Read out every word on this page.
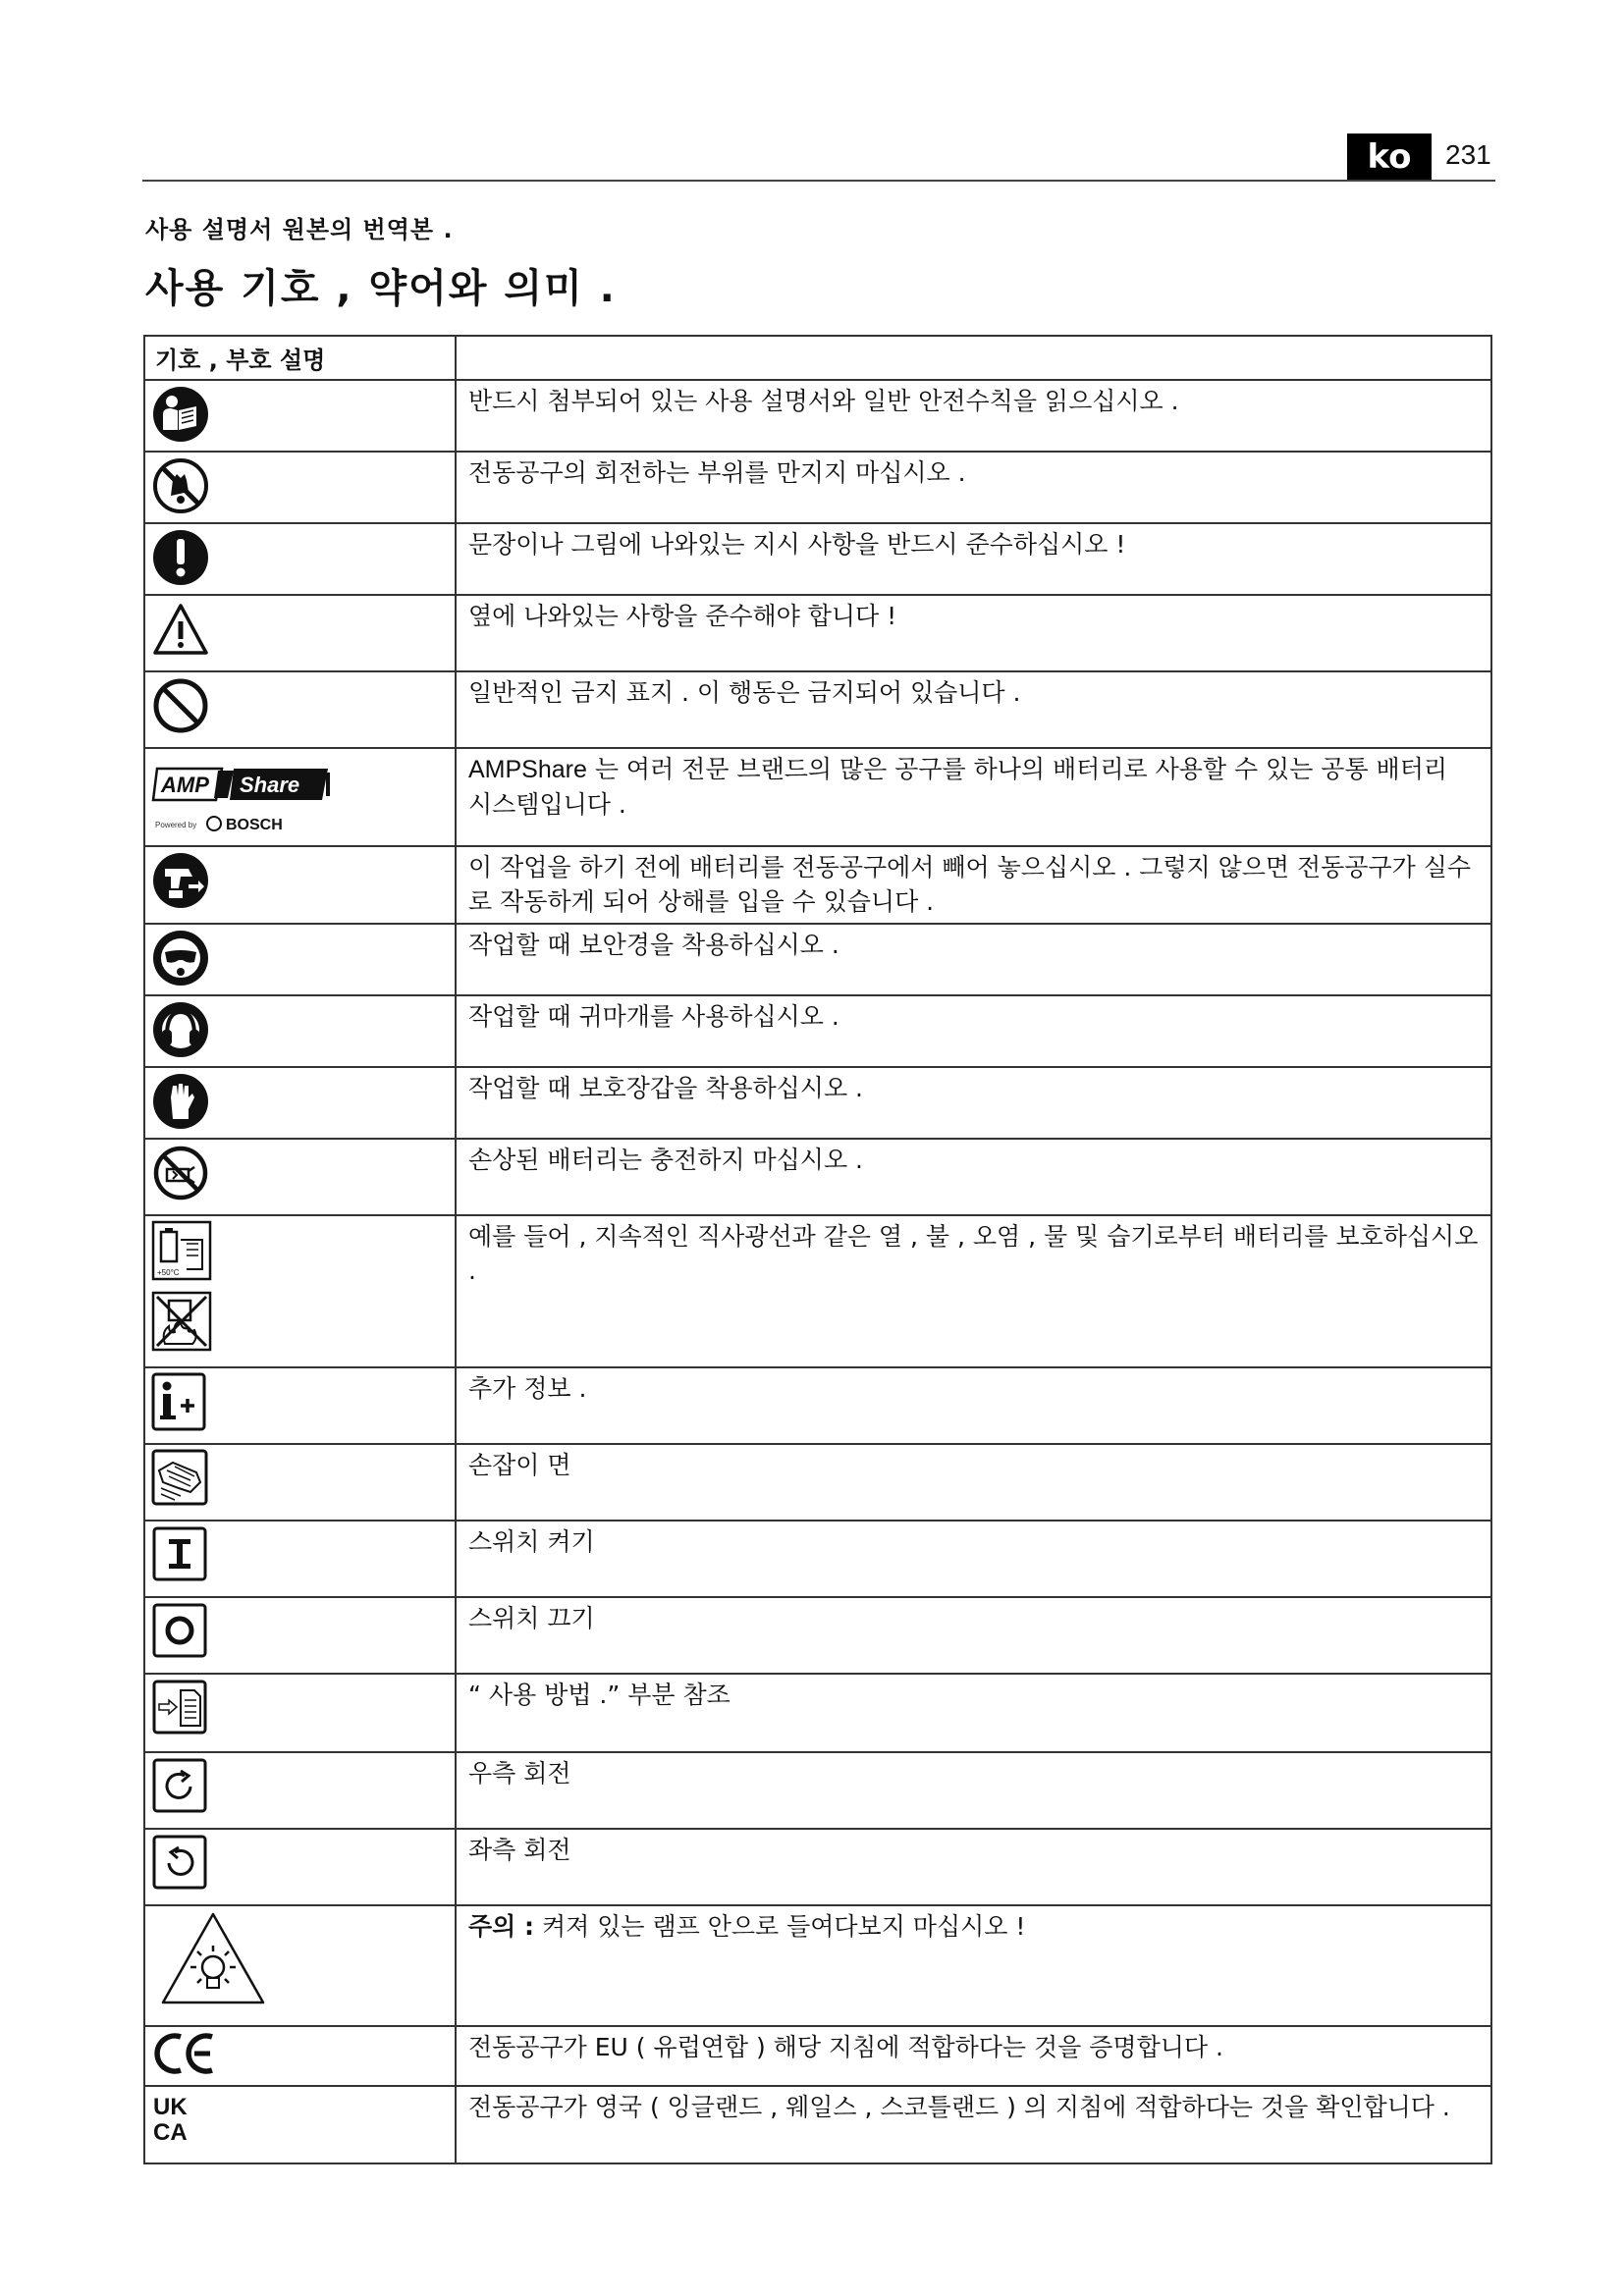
ko	231
사용 설명서 원본의 번역본 .
사용 기호 , 약어와 의미 .
기호 , 부호 설명	

	반드시 첨부되어 있는 사용 설명서와 일반 안전수칙을 읽으십시오 .

	전동공구의 회전하는 부위를 만지지 마십시오 .

	문장이나 그림에 나와있는 지시 사항을 반드시 준수하십시오 !

	옆에 나와있는 사항을 준수해야 합니다 !

	일반적인 금지 표지 . 이 행동은 금지되어 있습니다 .

AMP Share
Powered by BOSCH	AMPShare 는 여러 전문 브랜드의 많은 공구를 하나의 배터리로 사용할 수 있는 공통 배터리 시스템입니다 .

	이 작업을 하기 전에 배터리를 전동공구에서 빼어 놓으십시오 . 그렇지 않으면 전동공구가 실수로 작동하게 되어 상해를 입을 수 있습니다 .

	작업할 때 보안경을 착용하십시오 .

	작업할 때 귀마개를 사용하십시오 .

	작업할 때 보호장갑을 착용하십시오 .

	손상된 배터리는 충전하지 마십시오 .

+50°C	예를 들어 , 지속적인 직사광선과 같은 열 , 불 , 오염 , 물 및 습기로부터 배터리를 보호하십시오 .

	추가 정보 .

	손잡이 면

	스위치 켜기

	스위치 끄기

	“ 사용 방법 .” 부분 참조

	우측 회전

	좌측 회전

	주의 : 켜져 있는 램프 안으로 들여다보지 마십시오 !

	전동공구가 EU ( 유럽연합 ) 해당 지침에 적합하다는 것을 증명합니다 .

UK
CA	전동공구가 영국 ( 잉글랜드 , 웨일스 , 스코틀랜드 ) 의 지침에 적합하다는 것을 확인합니다 .
